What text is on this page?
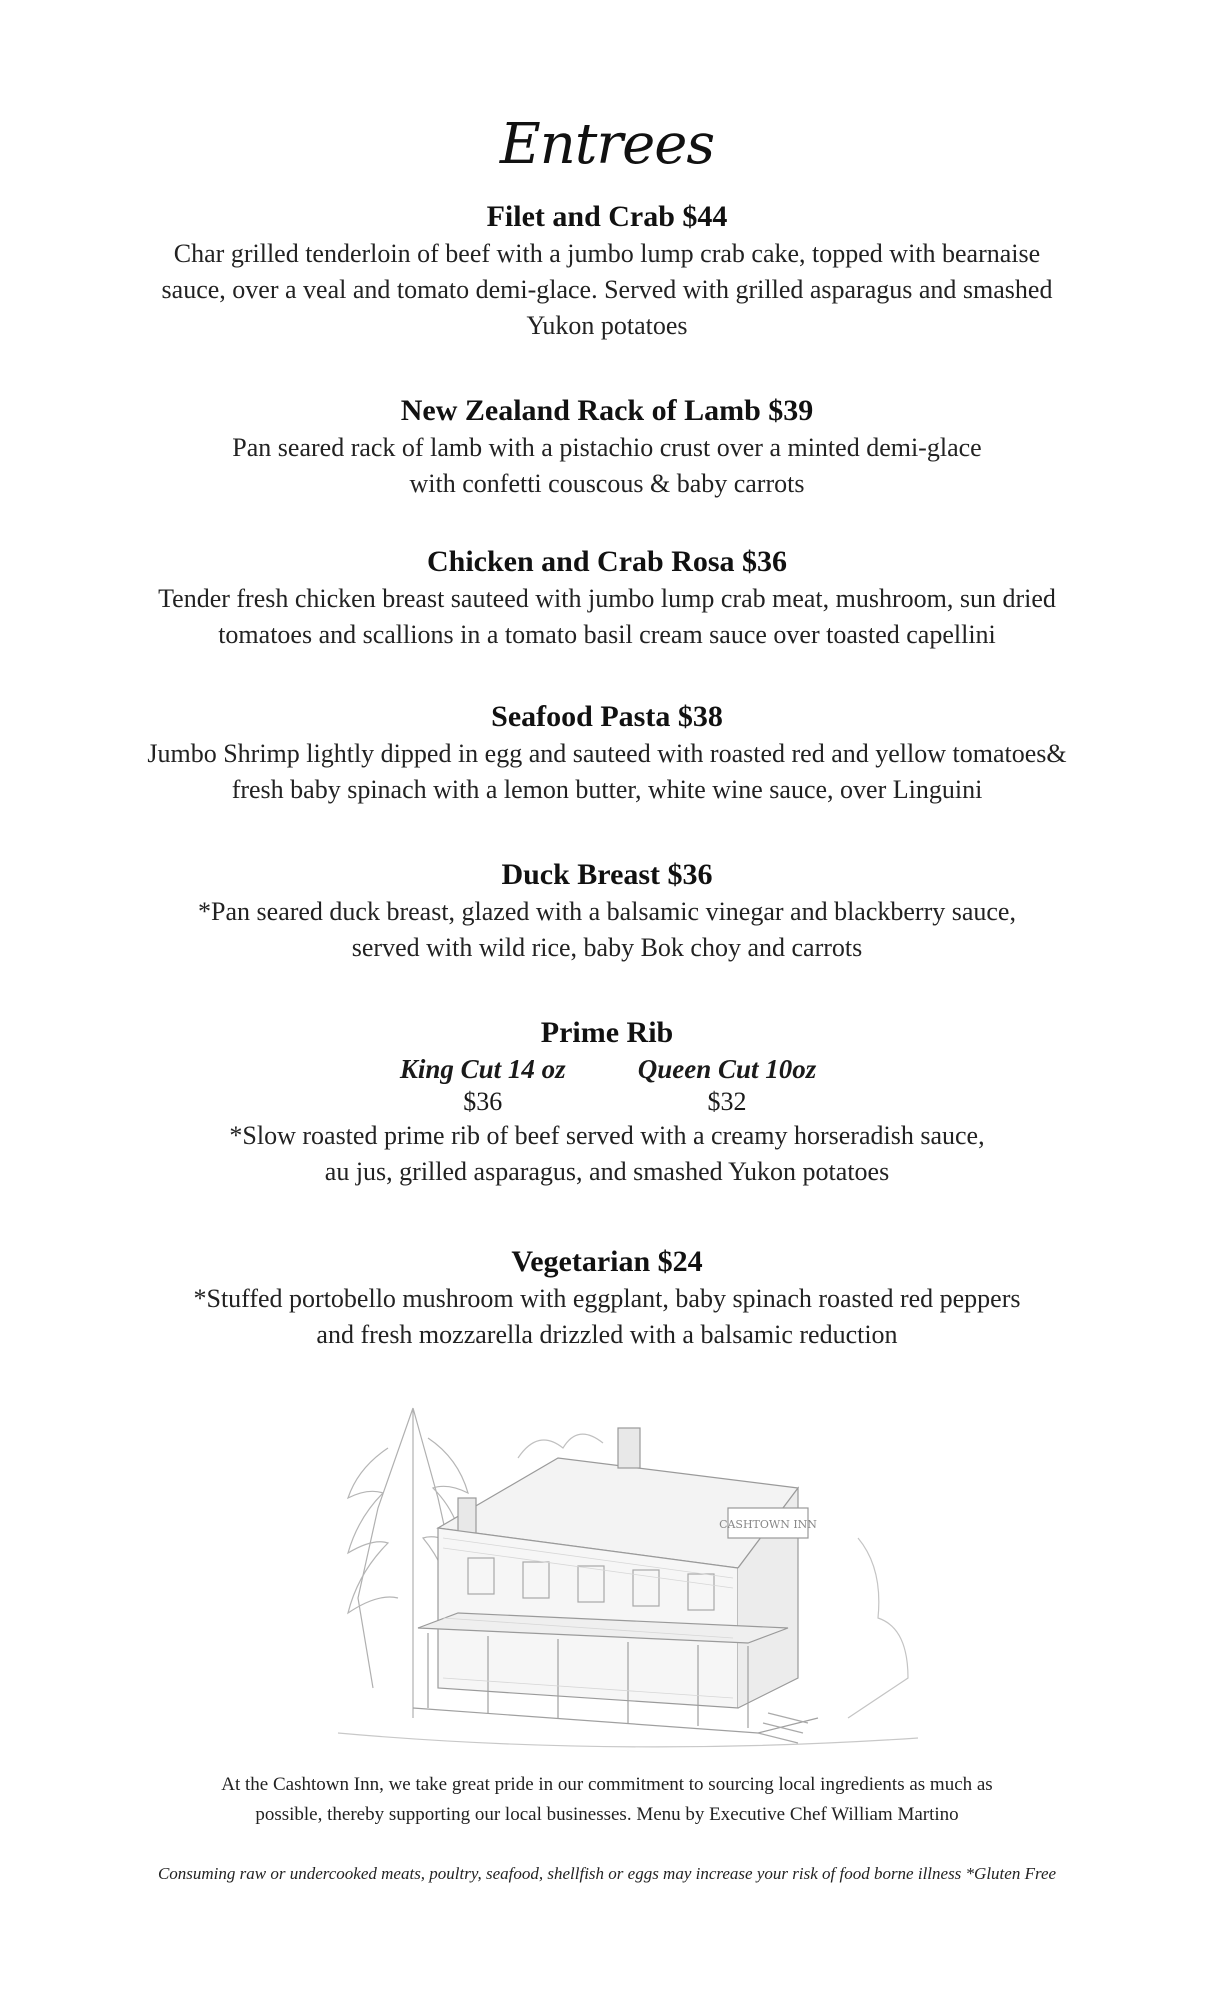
Entrees
Filet and Crab $44
Char grilled tenderloin of beef with a jumbo lump crab cake, topped with bearnaise sauce, over a veal and tomato demi-glace. Served with grilled asparagus and smashed Yukon potatoes
New Zealand Rack of Lamb $39
Pan seared rack of lamb with a pistachio crust over a minted demi-glace
with confetti couscous & baby carrots
Chicken and Crab Rosa $36
Tender fresh chicken breast sauteed with jumbo lump crab meat, mushroom, sun dried
tomatoes and scallions in a tomato basil cream sauce over toasted capellini
Seafood Pasta $38
Jumbo Shrimp lightly dipped in egg and sauteed with roasted red and yellow tomatoes&
fresh baby spinach with a lemon butter, white wine sauce, over Linguini
Duck Breast $36
*Pan seared duck breast, glazed with a balsamic vinegar and blackberry sauce,
served with wild rice, baby Bok choy and carrots
Prime Rib
King Cut 14 oz
$36
Queen Cut 10oz
$32
*Slow roasted prime rib of beef served with a creamy horseradish sauce,
au jus, grilled asparagus, and smashed Yukon potatoes
Vegetarian $24
*Stuffed portobello mushroom with eggplant, baby spinach roasted red peppers
and fresh mozzarella drizzled with a balsamic reduction
CASHTOWN INN
At the Cashtown Inn, we take great pride in our commitment to sourcing local ingredients as much as
possible, thereby supporting our local businesses. Menu by Executive Chef William Martino
Consuming raw or undercooked meats, poultry, seafood, shellfish or eggs may increase your risk of food borne illness *Gluten Free
